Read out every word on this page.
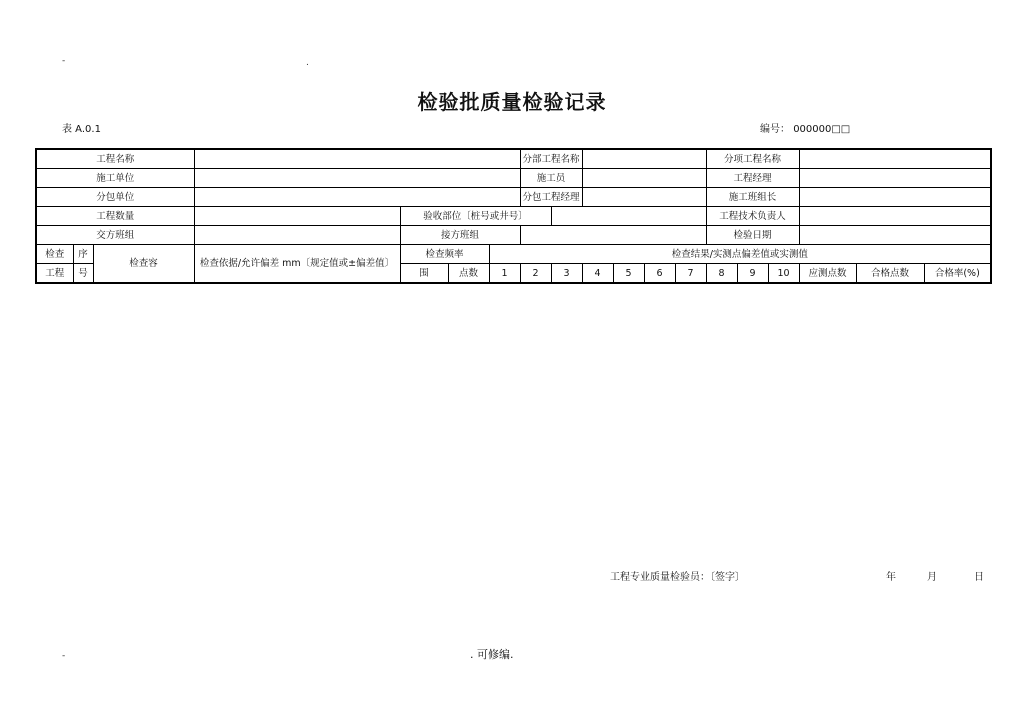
-	.
-
检验批质量检验记录
表 A.0.1	编号： 000000□□
工程名称							分部工程名称						分项工程名称					
施工单位							施工员						工程经理					
分包单位							分包工程经理						施工班组长					
工程数量				验收部位〔桩号或井号〕									工程技术负责人					
交方班组				接方班组									检验日期					
检查	序	检查容	检查依据/允许偏差 mm〔规定值或±偏差值〕	检查频率		检查结果/实测点偏差值或实测值												
工程	号			围	点数	1	2	3	4	5	6	7	8	9	10	应测点数	合格点数	合格率(%)
工程专业质量检验员：〔签字〕	年	月	日
. 可修编.
